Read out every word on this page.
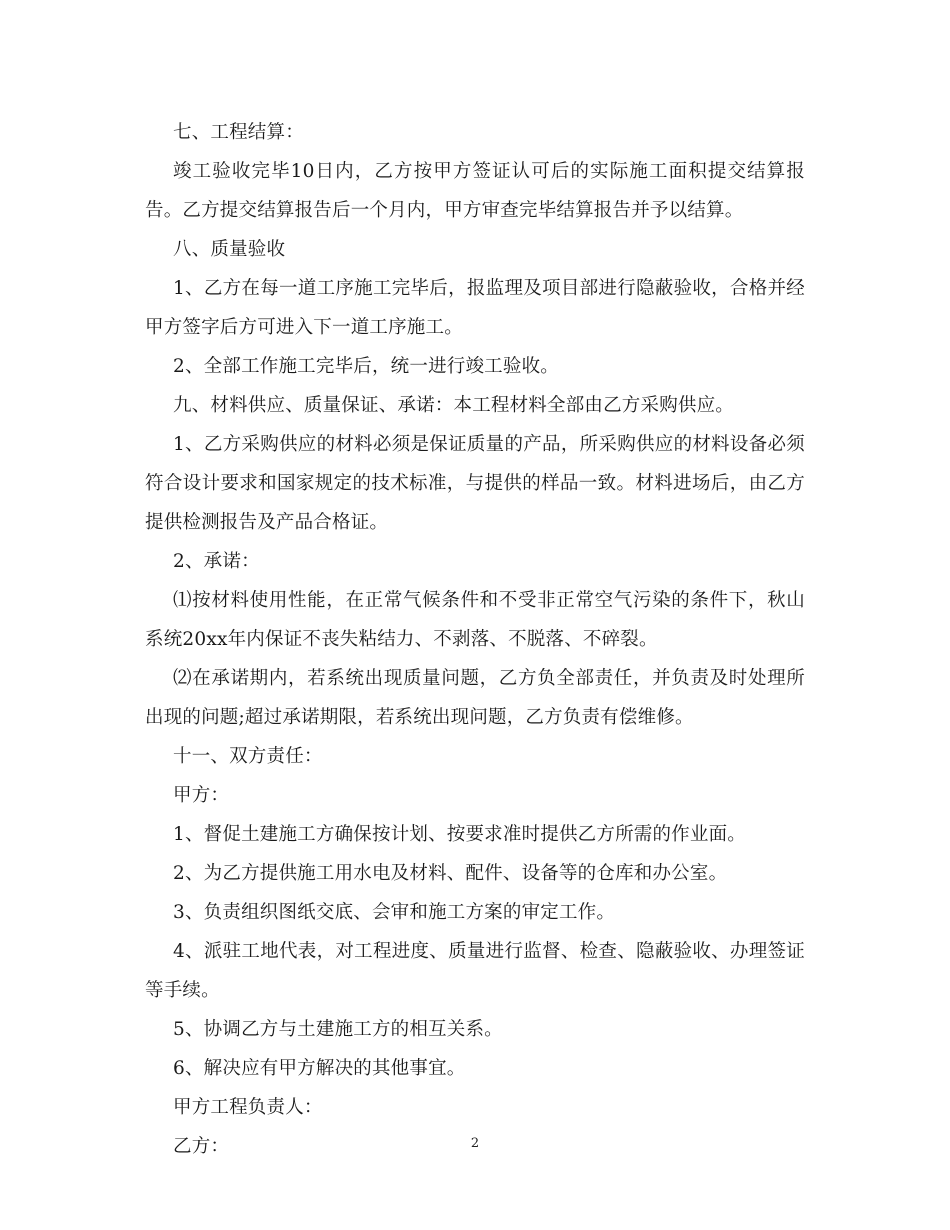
七、工程结算：

竣工验收完毕10日内，乙方按甲方签证认可后的实际施工面积提交结算报告。乙方提交结算报告后一个月内，甲方审查完毕结算报告并予以结算。

八、质量验收

1、乙方在每一道工序施工完毕后，报监理及项目部进行隐蔽验收，合格并经甲方签字后方可进入下一道工序施工。

2、全部工作施工完毕后，统一进行竣工验收。

九、材料供应、质量保证、承诺：本工程材料全部由乙方采购供应。

1、乙方采购供应的材料必须是保证质量的产品，所采购供应的材料设备必须符合设计要求和国家规定的技术标准，与提供的样品一致。材料进场后，由乙方提供检测报告及产品合格证。

2、承诺：

⑴按材料使用性能，在正常气候条件和不受非正常空气污染的条件下，秋山系统20xx年内保证不丧失粘结力、不剥落、不脱落、不碎裂。

⑵在承诺期内，若系统出现质量问题，乙方负全部责任，并负责及时处理所出现的问题;超过承诺期限，若系统出现问题，乙方负责有偿维修。

十一、双方责任：

甲方：

1、督促土建施工方确保按计划、按要求准时提供乙方所需的作业面。

2、为乙方提供施工用水电及材料、配件、设备等的仓库和办公室。

3、负责组织图纸交底、会审和施工方案的审定工作。

4、派驻工地代表，对工程进度、质量进行监督、检查、隐蔽验收、办理签证等手续。

5、协调乙方与土建施工方的相互关系。

6、解决应有甲方解决的其他事宜。

甲方工程负责人：

乙方：	2
